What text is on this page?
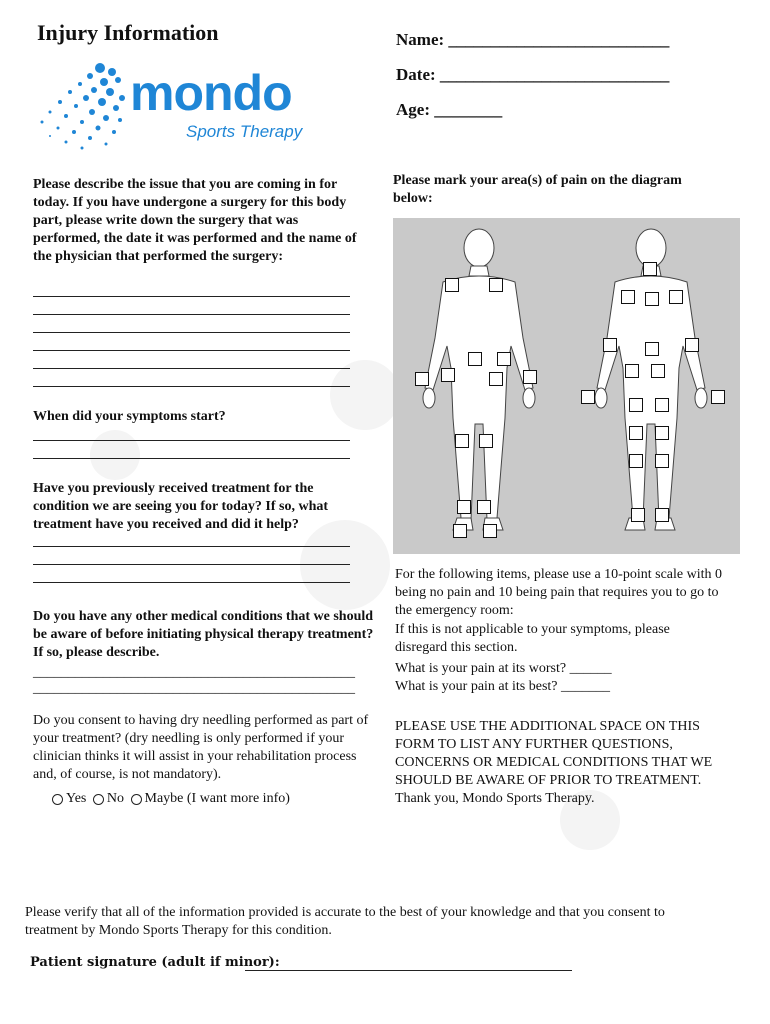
Injury Information	Name: __________________________
Date: ___________________________
Age: ________
mondo
Sports Therapy
Please describe the issue that you are coming in for today. If you have undergone a surgery for this body part, please write down the surgery that was performed, the date it was performed and the name of the physician that performed the surgery:
When did your symptoms start?
Have you previously received treatment for the condition we are seeing you for today? If so, what treatment have you received and did it help?
Do you have any other medical conditions that we should be aware of before initiating physical therapy treatment? If so, please describe.
______________________________________________
______________________________________________
Do you consent to having dry needling performed as part of your treatment? (dry needling is only performed if your clinician thinks it will assist in your rehabilitation process and, of course, is not mandatory).
Yes
No
Maybe (I want more info)
Please mark your area(s) of pain on the diagram below:
For the following items, please use a 10-point scale with 0 being no pain and 10 being pain that requires you to go to the emergency room:
If this is not applicable to your symptoms, please disregard this section.
What is your pain at its worst? ______
What is your pain at its best? _______
PLEASE USE THE ADDITIONAL SPACE ON THIS FORM TO LIST ANY FURTHER QUESTIONS, CONCERNS OR MEDICAL CONDITIONS THAT WE SHOULD BE AWARE OF PRIOR TO TREATMENT. Thank you, Mondo Sports Therapy.
Please verify that all of the information provided is accurate to the best of your knowledge and that you consent to treatment by Mondo Sports Therapy for this condition.
Patient signature (adult if minor):
